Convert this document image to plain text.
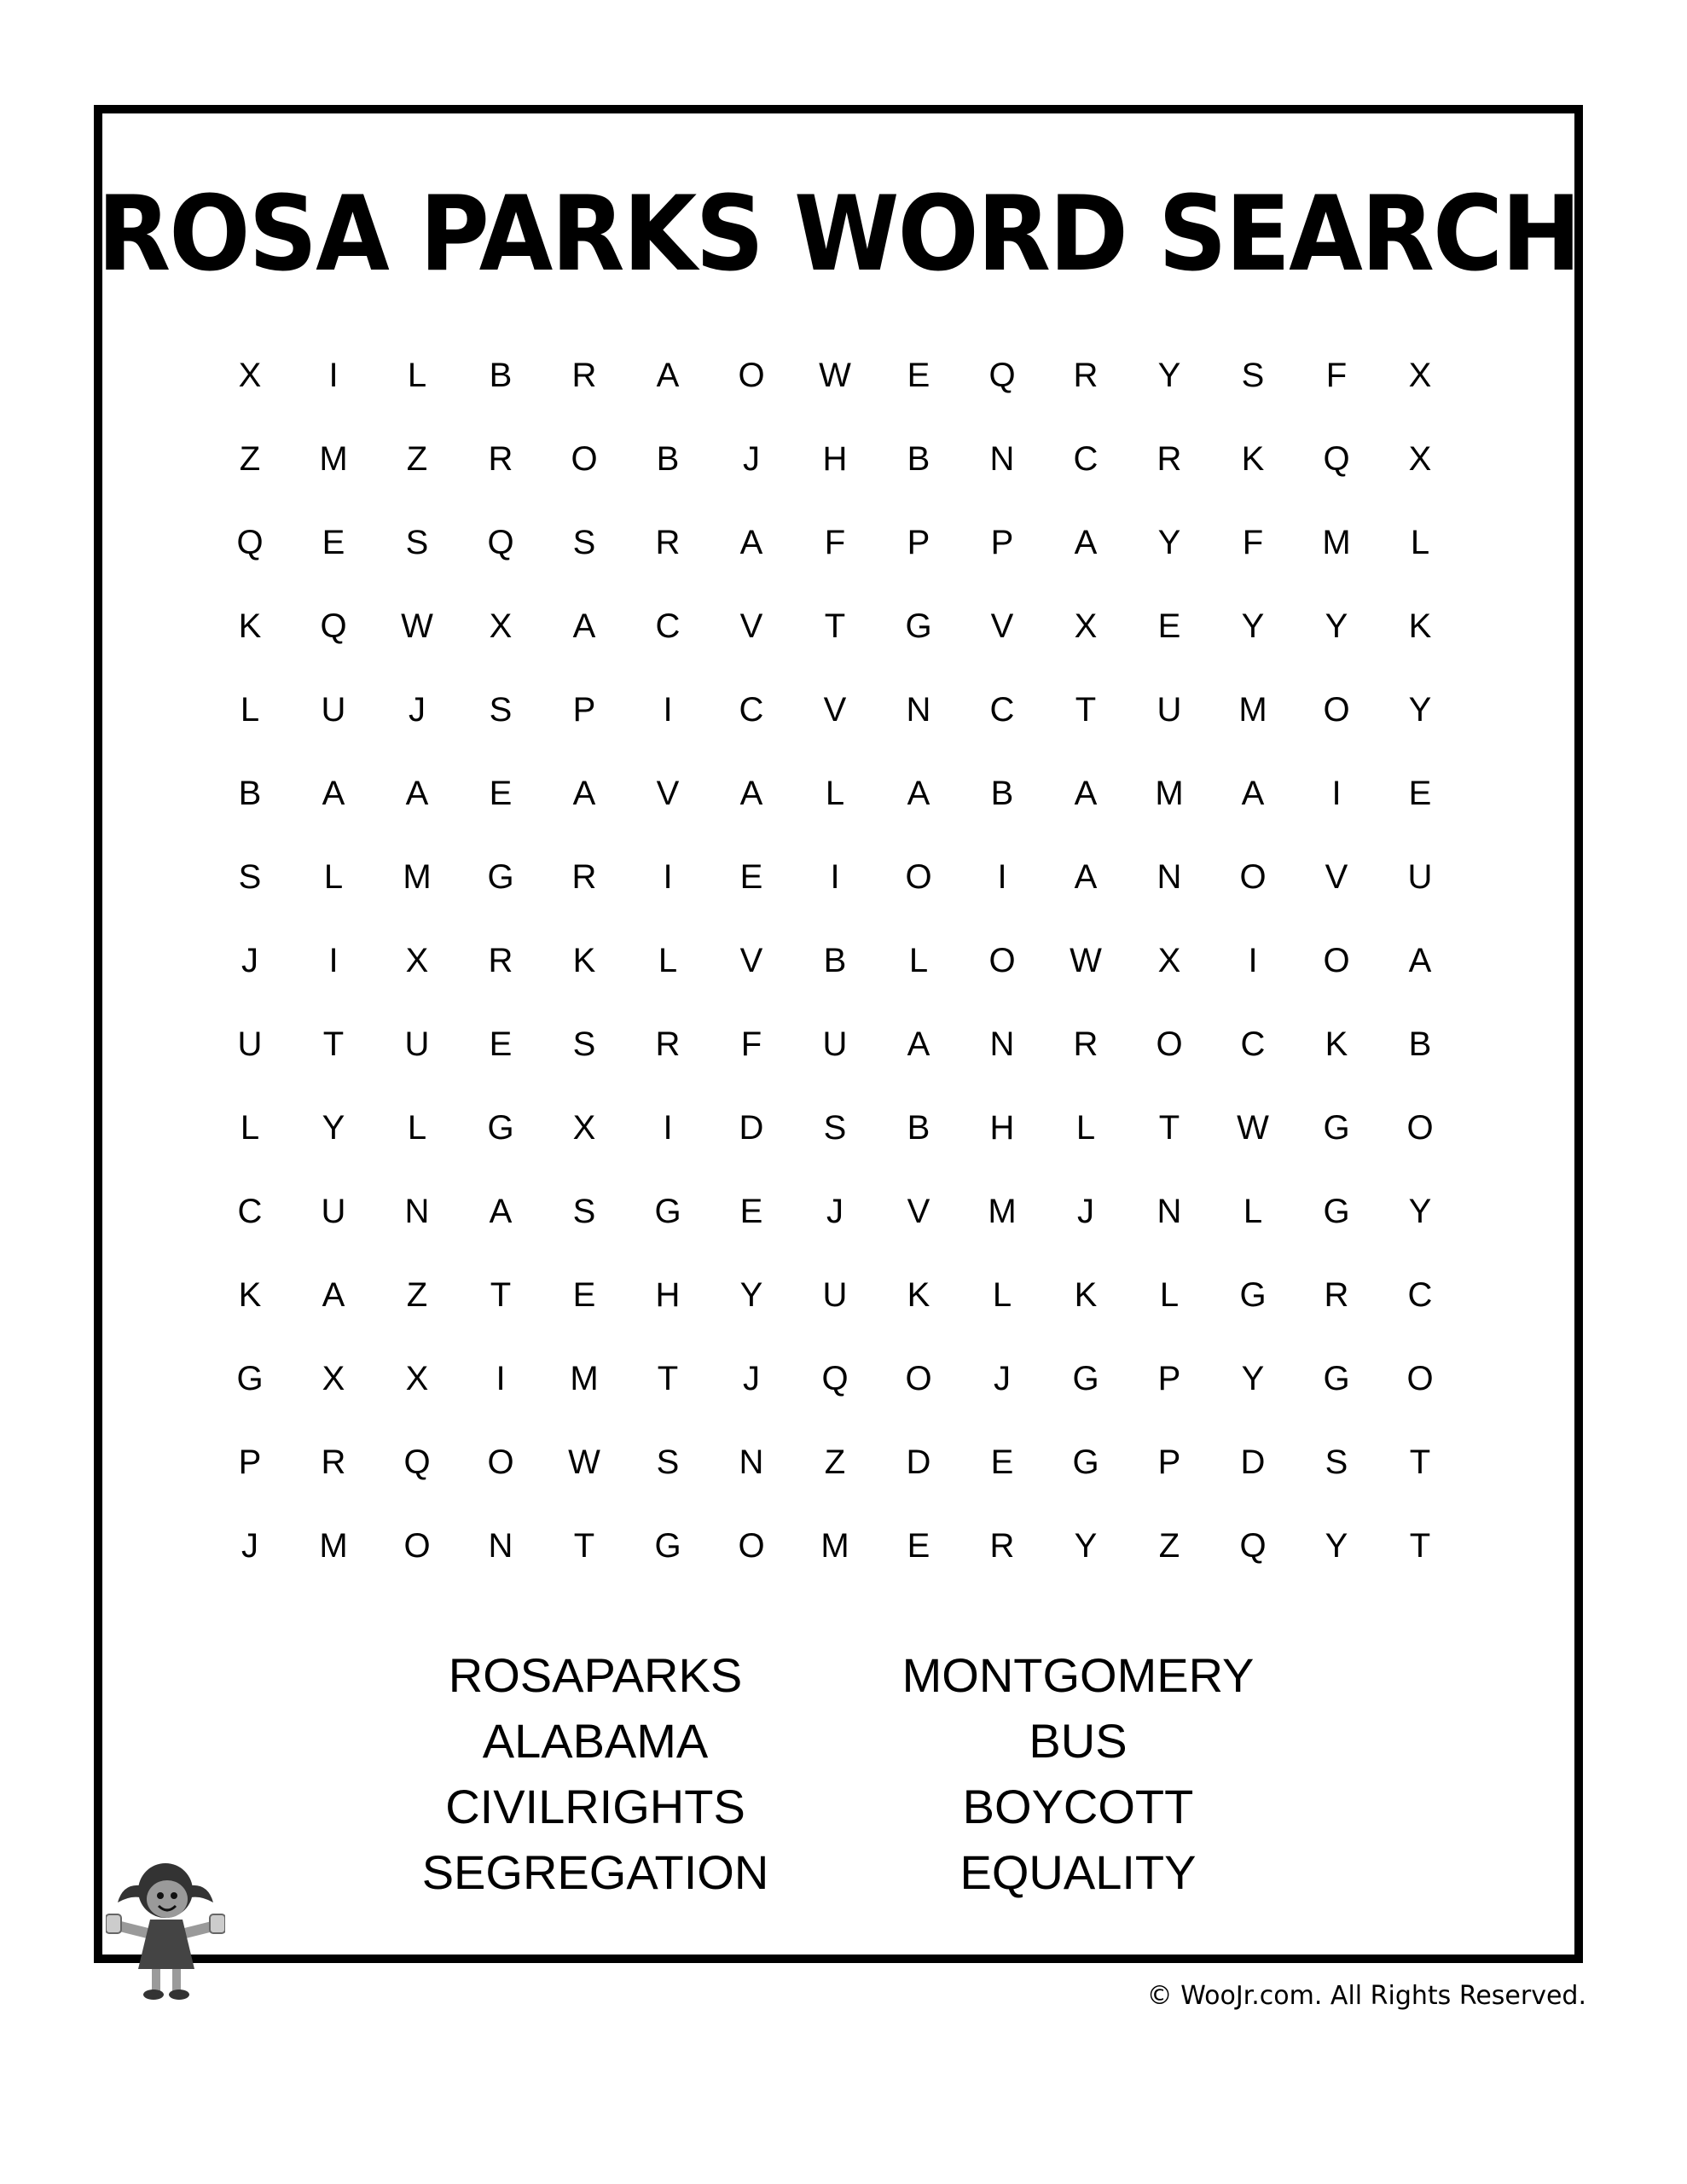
ROSA PARKS WORD SEARCH
X	I	L	B	R	A	O	W	E	Q	R	Y	S	F	X
Z	M	Z	R	O	B	J	H	B	N	C	R	K	Q	X
Q	E	S	Q	S	R	A	F	P	P	A	Y	F	M	L
K	Q	W	X	A	C	V	T	G	V	X	E	Y	Y	K
L	U	J	S	P	I	C	V	N	C	T	U	M	O	Y
B	A	A	E	A	V	A	L	A	B	A	M	A	I	E
S	L	M	G	R	I	E	I	O	I	A	N	O	V	U
J	I	X	R	K	L	V	B	L	O	W	X	I	O	A
U	T	U	E	S	R	F	U	A	N	R	O	C	K	B
L	Y	L	G	X	I	D	S	B	H	L	T	W	G	O
C	U	N	A	S	G	E	J	V	M	J	N	L	G	Y
K	A	Z	T	E	H	Y	U	K	L	K	L	G	R	C
G	X	X	I	M	T	J	Q	O	J	G	P	Y	G	O
P	R	Q	O	W	S	N	Z	D	E	G	P	D	S	T
J	M	O	N	T	G	O	M	E	R	Y	Z	Q	Y	T
ROSAPARKS
ALABAMA
CIVILRIGHTS
SEGREGATION
MONTGOMERY
BUS
BOYCOTT
EQUALITY
© WooJr.com. All Rights Reserved.
